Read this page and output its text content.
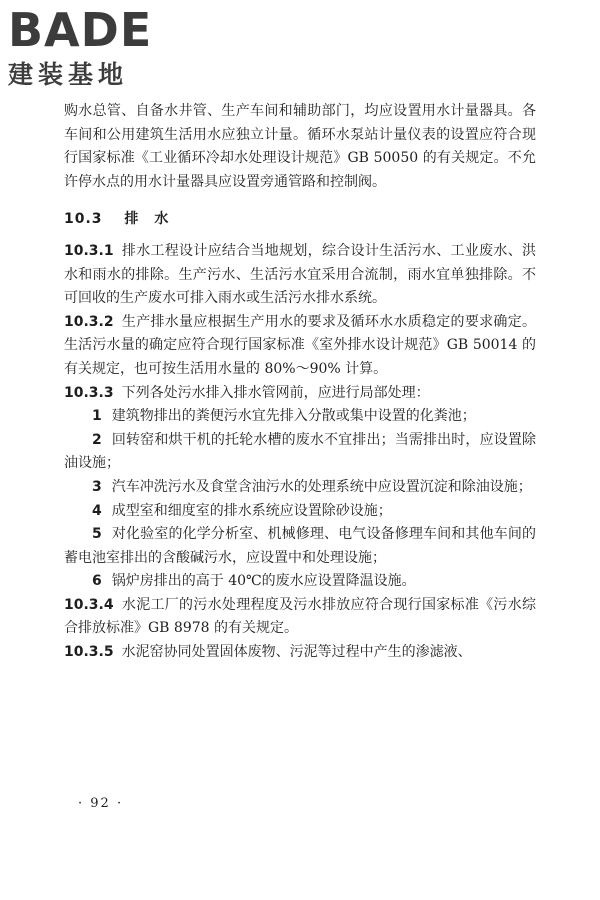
BADE
建装基地

购水总管、自备水井管、生产车间和辅助部门，均应设置用水计量器具。各车间和公用建筑生活用水应独立计量。循环水泵站计量仪表的设置应符合现行国家标准《工业循环冷却水处理设计规范》GB 50050 的有关规定。不允许停水点的用水计量器具应设置旁通管路和控制阀。

10.3 排　水

10.3.1 排水工程设计应结合当地规划，综合设计生活污水、工业废水、洪水和雨水的排除。生产污水、生活污水宜采用合流制，雨水宜单独排除。不可回收的生产废水可排入雨水或生活污水排水系统。

10.3.2 生产排水量应根据生产用水的要求及循环水水质稳定的要求确定。生活污水量的确定应符合现行国家标准《室外排水设计规范》GB 50014 的有关规定，也可按生活用水量的 80%～90% 计算。

10.3.3 下列各处污水排入排水管网前，应进行局部处理：

1 建筑物排出的粪便污水宜先排入分散或集中设置的化粪池；

2 回转窑和烘干机的托轮水槽的废水不宜排出；当需排出时，应设置除油设施；

3 汽车冲洗污水及食堂含油污水的处理系统中应设置沉淀和除油设施；

4 成型室和细度室的排水系统应设置除砂设施；

5 对化验室的化学分析室、机械修理、电气设备修理车间和其他车间的蓄电池室排出的含酸碱污水，应设置中和处理设施；

6 锅炉房排出的高于 40℃的废水应设置降温设施。

10.3.4 水泥工厂的污水处理程度及污水排放应符合现行国家标准《污水综合排放标准》GB 8978 的有关规定。

10.3.5 水泥窑协同处置固体废物、污泥等过程中产生的渗滤液、

· 92 ·
